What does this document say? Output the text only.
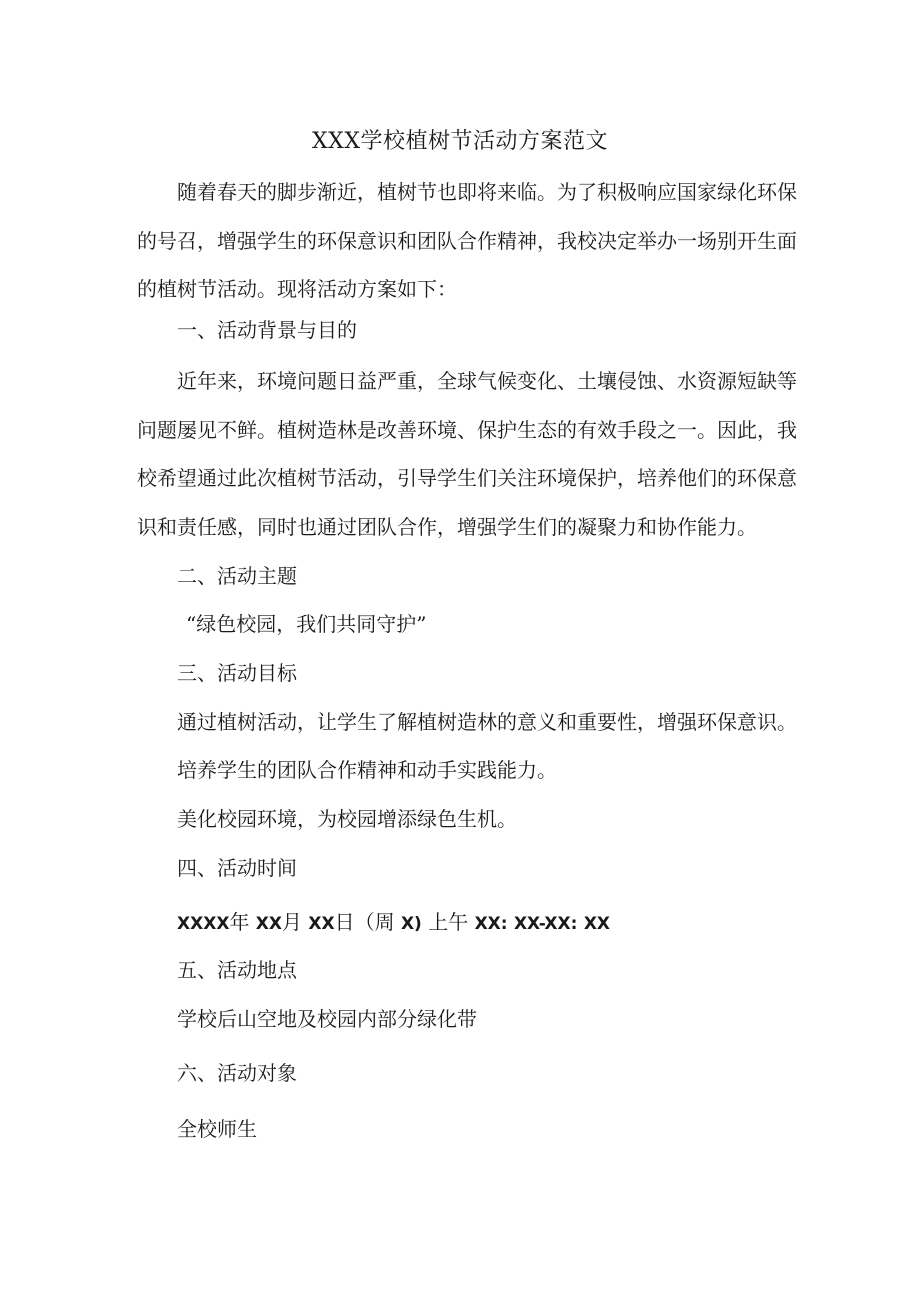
XXX学校植树节活动方案范文

随着春天的脚步渐近，植树节也即将来临。为了积极响应国家绿化环保的号召，增强学生的环保意识和团队合作精神，我校决定举办一场别开生面的植树节活动。现将活动方案如下：

一、活动背景与目的

近年来，环境问题日益严重，全球气候变化、土壤侵蚀、水资源短缺等问题屡见不鲜。植树造林是改善环境、保护生态的有效手段之一。因此，我校希望通过此次植树节活动，引导学生们关注环境保护，培养他们的环保意识和责任感，同时也通过团队合作，增强学生们的凝聚力和协作能力。

二、活动主题

“绿色校园，我们共同守护”

三、活动目标

通过植树活动，让学生了解植树造林的意义和重要性，增强环保意识。

培养学生的团队合作精神和动手实践能力。

美化校园环境，为校园增添绿色生机。

四、活动时间

XXXX年 XX月 XX日（周 X) 上午 XX: XX-XX: XX

五、活动地点

学校后山空地及校园内部分绿化带

六、活动对象

全校师生
